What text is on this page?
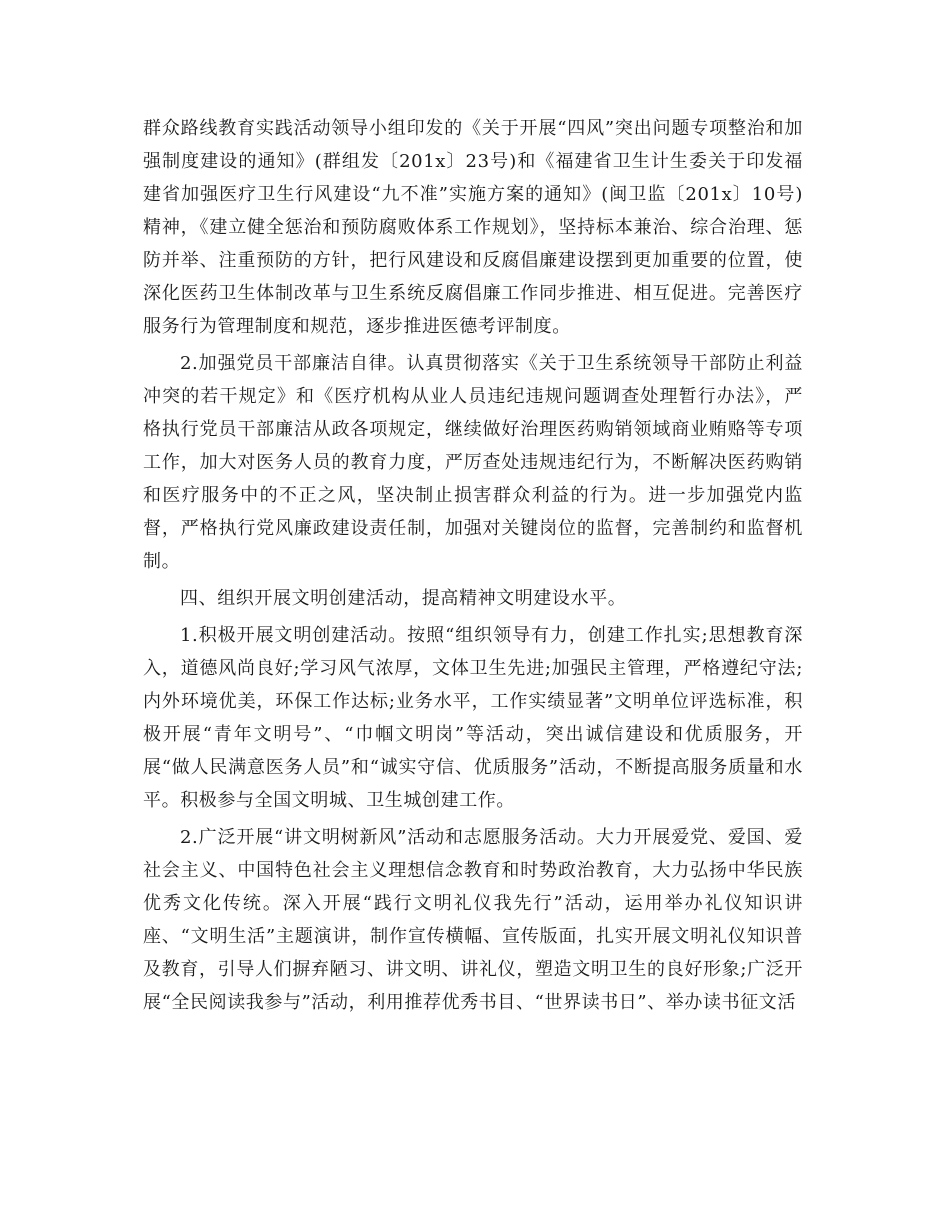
群众路线教育实践活动领导小组印发的《关于开展“四风”突出问题专项整治和加强制度建设的通知》(群组发〔201x〕23号)和《福建省卫生计生委关于印发福建省加强医疗卫生行风建设“九不准”实施方案的通知》(闽卫监〔201x〕10号)精神，《建立健全惩治和预防腐败体系工作规划》，坚持标本兼治、综合治理、惩防并举、注重预防的方针，把行风建设和反腐倡廉建设摆到更加重要的位置，使深化医药卫生体制改革与卫生系统反腐倡廉工作同步推进、相互促进。完善医疗服务行为管理制度和规范，逐步推进医德考评制度。

2.加强党员干部廉洁自律。认真贯彻落实《关于卫生系统领导干部防止利益冲突的若干规定》和《医疗机构从业人员违纪违规问题调查处理暂行办法》，严格执行党员干部廉洁从政各项规定，继续做好治理医药购销领域商业贿赂等专项工作，加大对医务人员的教育力度，严厉查处违规违纪行为，不断解决医药购销和医疗服务中的不正之风，坚决制止损害群众利益的行为。进一步加强党内监督，严格执行党风廉政建设责任制，加强对关键岗位的监督，完善制约和监督机制。

四、组织开展文明创建活动，提高精神文明建设水平。

1.积极开展文明创建活动。按照“组织领导有力，创建工作扎实;思想教育深入，道德风尚良好;学习风气浓厚，文体卫生先进;加强民主管理，严格遵纪守法;内外环境优美，环保工作达标;业务水平，工作实绩显著”文明单位评选标准，积极开展“青年文明号”、“巾帼文明岗”等活动，突出诚信建设和优质服务，开展“做人民满意医务人员”和“诚实守信、优质服务”活动，不断提高服务质量和水平。积极参与全国文明城、卫生城创建工作。

2.广泛开展“讲文明树新风”活动和志愿服务活动。大力开展爱党、爱国、爱社会主义、中国特色社会主义理想信念教育和时势政治教育，大力弘扬中华民族优秀文化传统。深入开展“践行文明礼仪我先行”活动，运用举办礼仪知识讲座、“文明生活”主题演讲，制作宣传横幅、宣传版面，扎实开展文明礼仪知识普及教育，引导人们摒弃陋习、讲文明、讲礼仪，塑造文明卫生的良好形象;广泛开展“全民阅读我参与”活动，利用推荐优秀书目、“世界读书日”、举办读书征文活
